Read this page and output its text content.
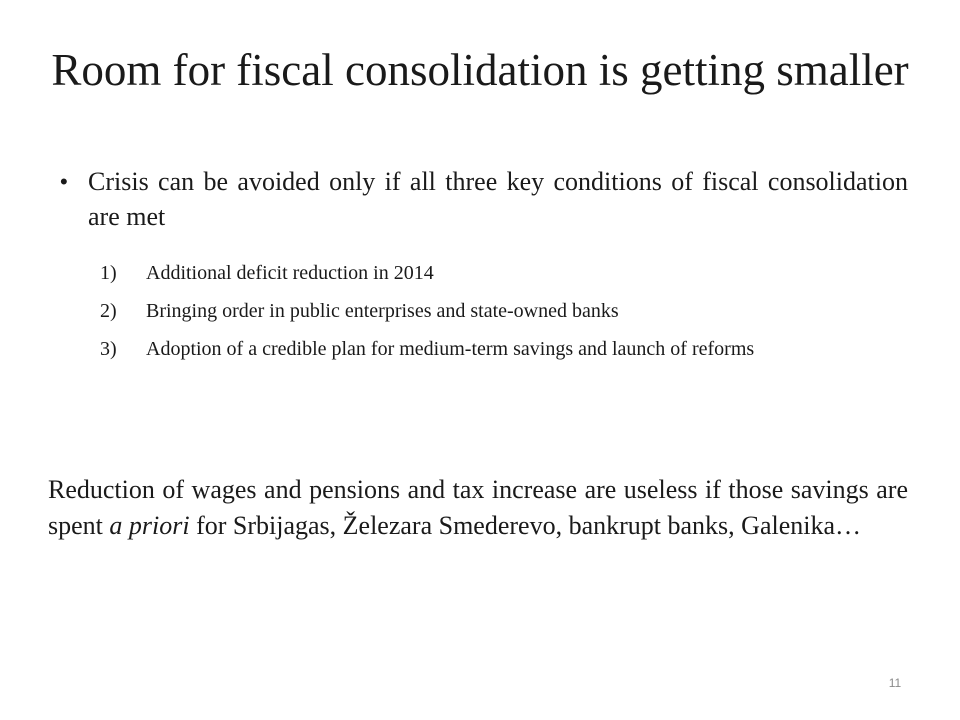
Room for fiscal consolidation is getting smaller
• Crisis can be avoided only if all three key conditions of fiscal consolidation are met
1) Additional deficit reduction in 2014
2) Bringing order in public enterprises and state-owned banks
3) Adoption of a credible plan for medium-term savings and launch of reforms
Reduction of wages and pensions and tax increase are useless if those savings are spent a priori for Srbijagas, Železara Smederevo, bankrupt banks, Galenika…
11
